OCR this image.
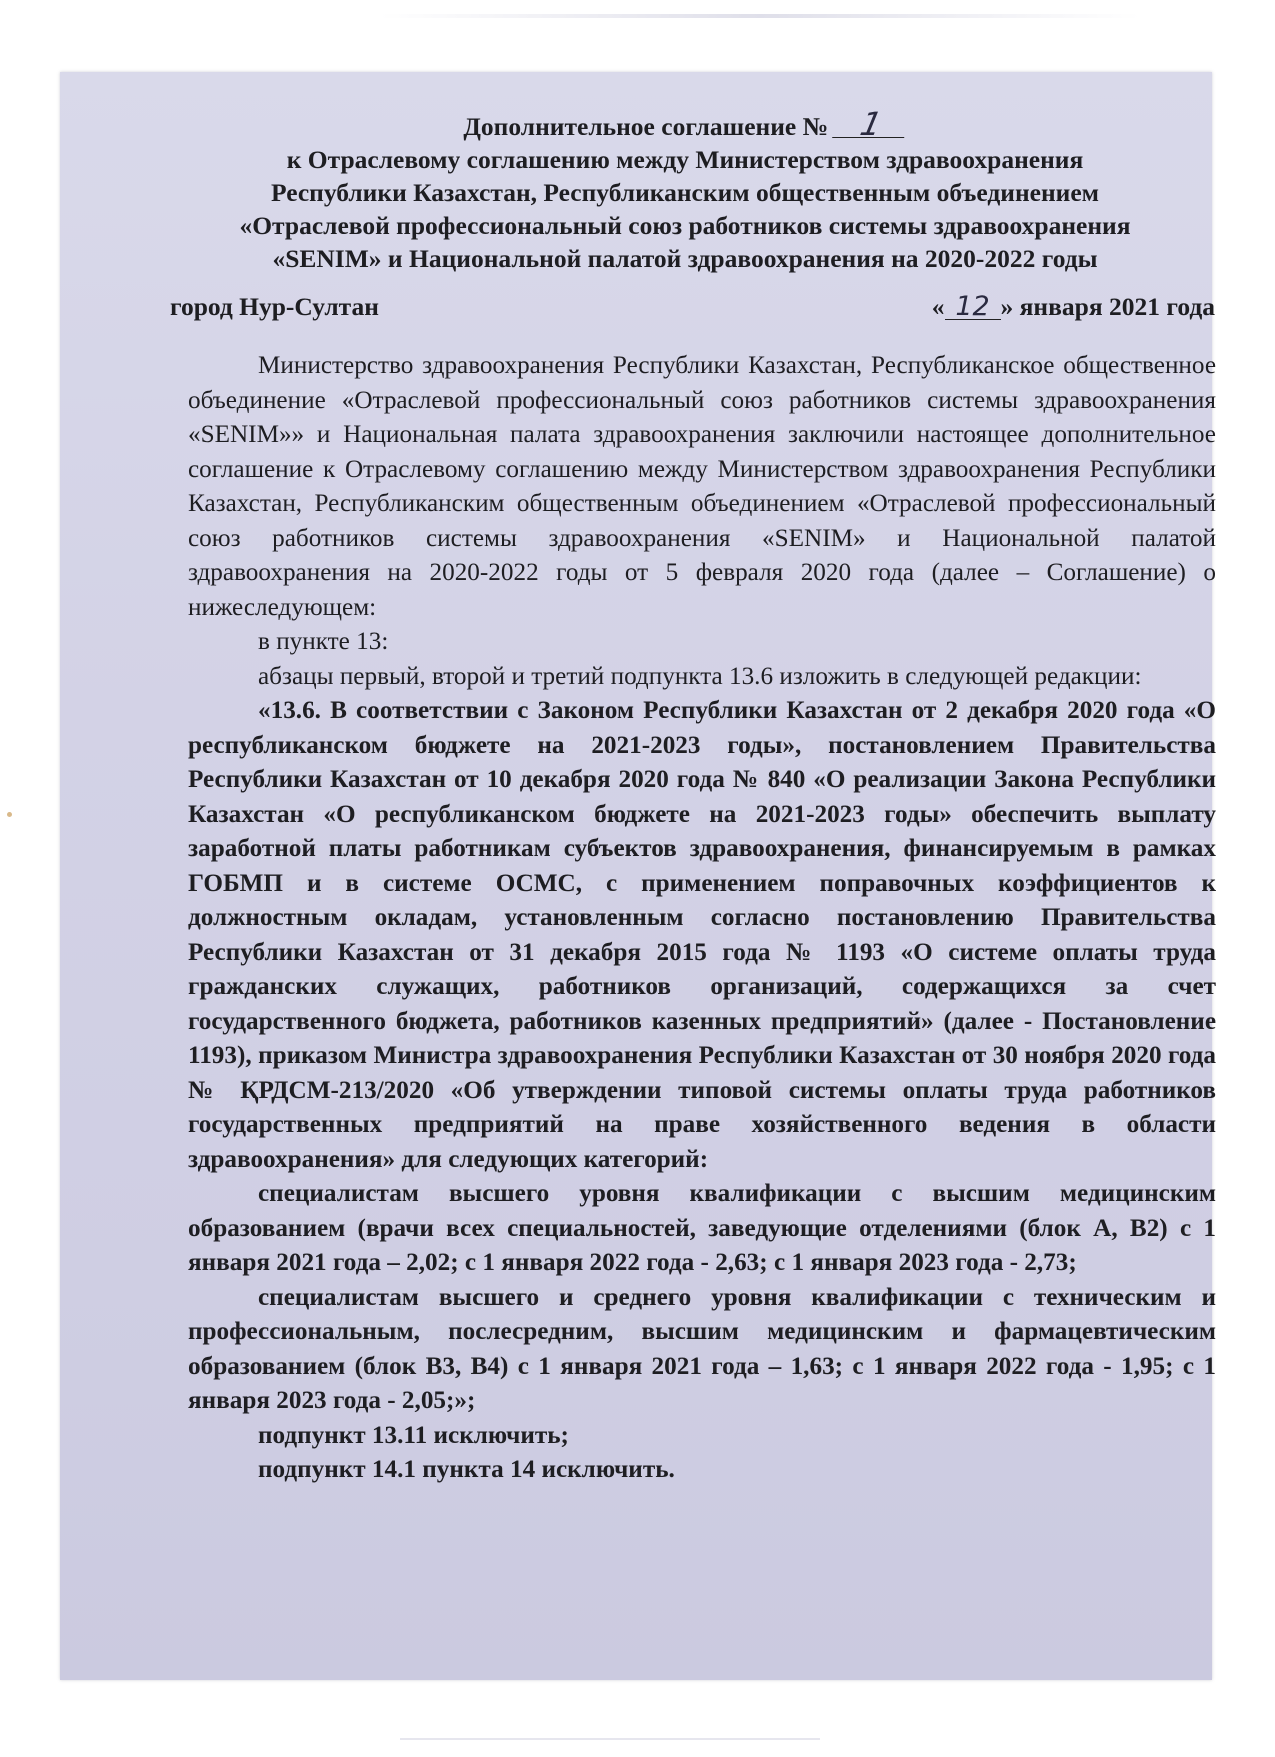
Дополнительное соглашение № 1
к Отраслевому соглашению между Министерством здравоохранения
Республики Казахстан, Республиканским общественным объединением
«Отраслевой профессиональный союз работников системы здравоохранения
«SENIM» и Национальной палатой здравоохранения на 2020-2022 годы
город Нур-Султан	« 12 » января 2021 года

Министерство здравоохранения Республики Казахстан, Республиканское общественное объединение «Отраслевой профессиональный союз работников системы здравоохранения «SENIM»» и Национальная палата здравоохранения заключили настоящее дополнительное соглашение к Отраслевому соглашению между Министерством здравоохранения Республики Казахстан, Республиканским общественным объединением «Отраслевой профессиональный союз работников системы здравоохранения «SENIM» и Национальной палатой здравоохранения на 2020-2022 годы от 5 февраля 2020 года (далее – Соглашение) о нижеследующем:

в пункте 13:

абзацы первый, второй и третий подпункта 13.6 изложить в следующей редакции:

«13.6. В соответствии с Законом Республики Казахстан от 2 декабря 2020 года «О республиканском бюджете на 2021-2023 годы», постановлением Правительства Республики Казахстан от 10 декабря 2020 года № 840 «О реализации Закона Республики Казахстан «О республиканском бюджете на 2021-2023 годы» обеспечить выплату заработной платы работникам субъектов здравоохранения, финансируемым в рамках ГОБМП и в системе ОСМС, с применением поправочных коэффициентов к должностным окладам, установленным согласно постановлению Правительства Республики Казахстан от 31 декабря 2015 года № 1193 «О системе оплаты труда гражданских служащих, работников организаций, содержащихся за счет государственного бюджета, работников казенных предприятий» (далее - Постановление 1193), приказом Министра здравоохранения Республики Казахстан от 30 ноября 2020 года № ҚРДСМ-213/2020 «Об утверждении типовой системы оплаты труда работников государственных предприятий на праве хозяйственного ведения в области здравоохранения» для следующих категорий:

специалистам высшего уровня квалификации с высшим медицинским образованием (врачи всех специальностей, заведующие отделениями (блок А, В2) с 1 января 2021 года – 2,02; с 1 января 2022 года - 2,63; с 1 января 2023 года - 2,73;

специалистам высшего и среднего уровня квалификации с техническим и профессиональным, послесредним, высшим медицинским и фармацевтическим образованием (блок В3, В4) с 1 января 2021 года – 1,63; с 1 января 2022 года - 1,95; с 1 января 2023 года - 2,05;»;

подпункт 13.11 исключить;

подпункт 14.1 пункта 14 исключить.
